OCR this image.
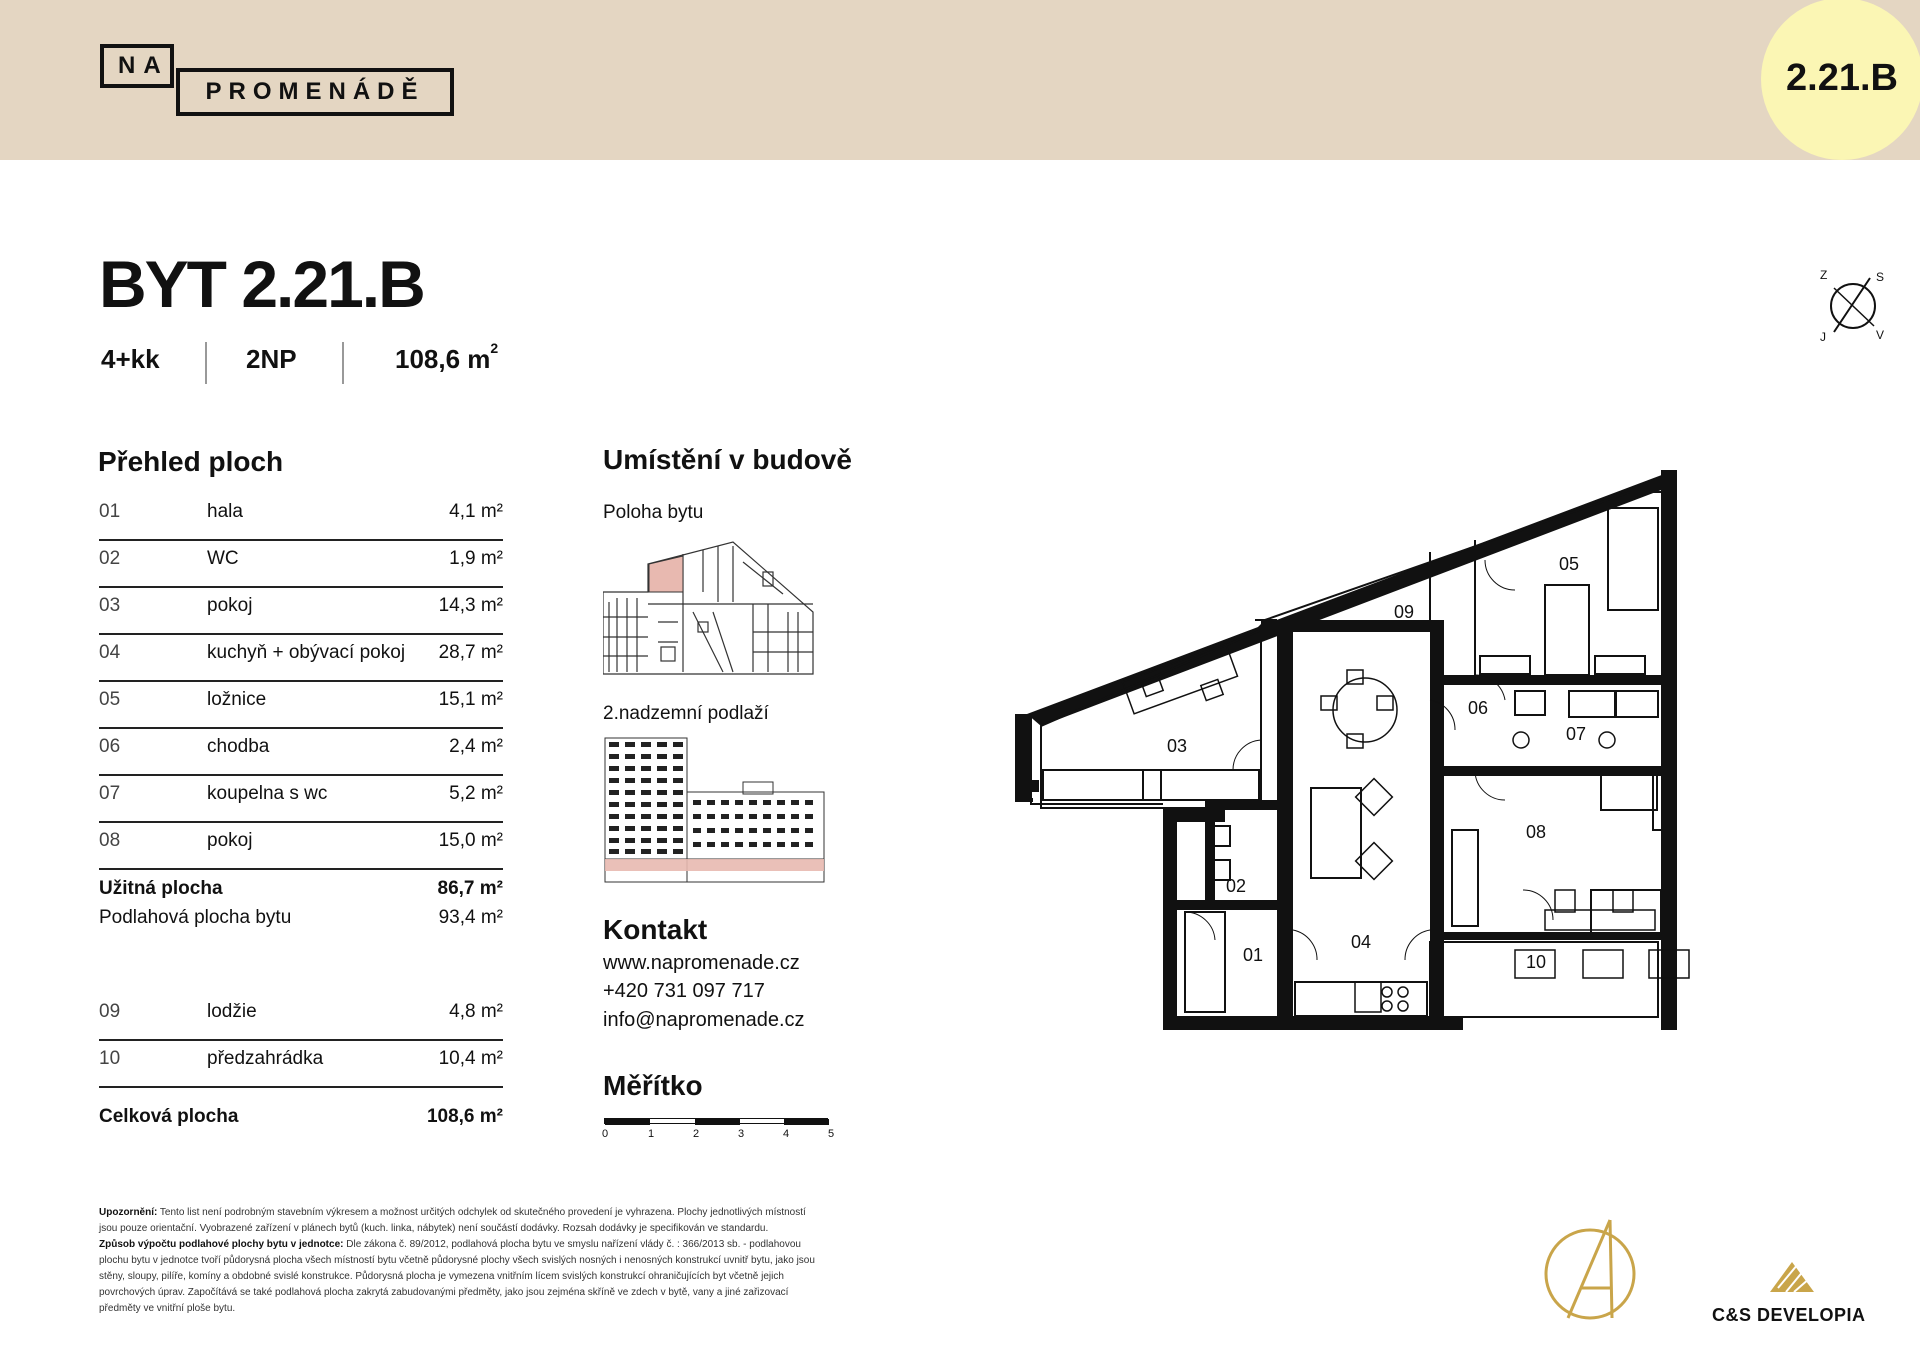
NA
PROMENÁDĚ	2.21.B
BYT 2.21.B
4+kk	2NP	108,6 $m^2$
Přehled ploch
01	hala	4,1 m²
02	WC	1,9 m²
03	pokoj	14,3 m²
04	kuchyň + obývací pokoj 28,7 m²
05	ložnice	15,1 m²
06	chodba	2,4 m²
07	koupelna s wc	5,2 m²
08	pokoj	15,0 m²
Užitná plocha	86,7 m²
Podlahová plocha bytu	93,4 m²
09	lodžie	4,8 m²
10	předzahrádka	10,4 m²
Celková plocha	108,6 m²
Umístění v budově
Poloha bytu
2.nadzemní podlaží
Kontakt
www.napromenade.cz
+420 731 097 717
info@napromenade.cz
Měřítko
0	1	2	3	4	5
Z	S
J	V
01
02
03
04
05
06
07
08
09
10
Upozornění: Tento list není podrobným stavebním výkresem a možnost určitých odchylek od skutečného provedení je vyhrazena. Plochy jednotlivých místností jsou pouze orientační. Vyobrazené zařízení v plánech bytů (kuch. linka, nábytek) není součástí dodávky. Rozsah dodávky je specifikován ve standardu.
Způsob výpočtu podlahové plochy bytu v jednotce: Dle zákona č. 89/2012, podlahová plocha bytu ve smyslu nařízení vlády č. : 366/2013 sb. - podlahovou plochu bytu v jednotce tvoří půdorysná plocha všech místností bytu včetně půdorysné plochy všech svislých nosných i nenosných konstrukcí uvnitř bytu, jako jsou stěny, sloupy, pilíře, komíny a obdobné svislé konstrukce. Půdorysná plocha je vymezena vnitřním lícem svislých konstrukcí ohraničujících byt včetně jejich povrchových úprav. Započítává se také podlahová plocha zakrytá zabudovanými předměty, jako jsou zejména skříně ve zdech v bytě, vany a jiné zařizovací předměty ve vnitřní ploše bytu.	C&S DEVELOPIA
